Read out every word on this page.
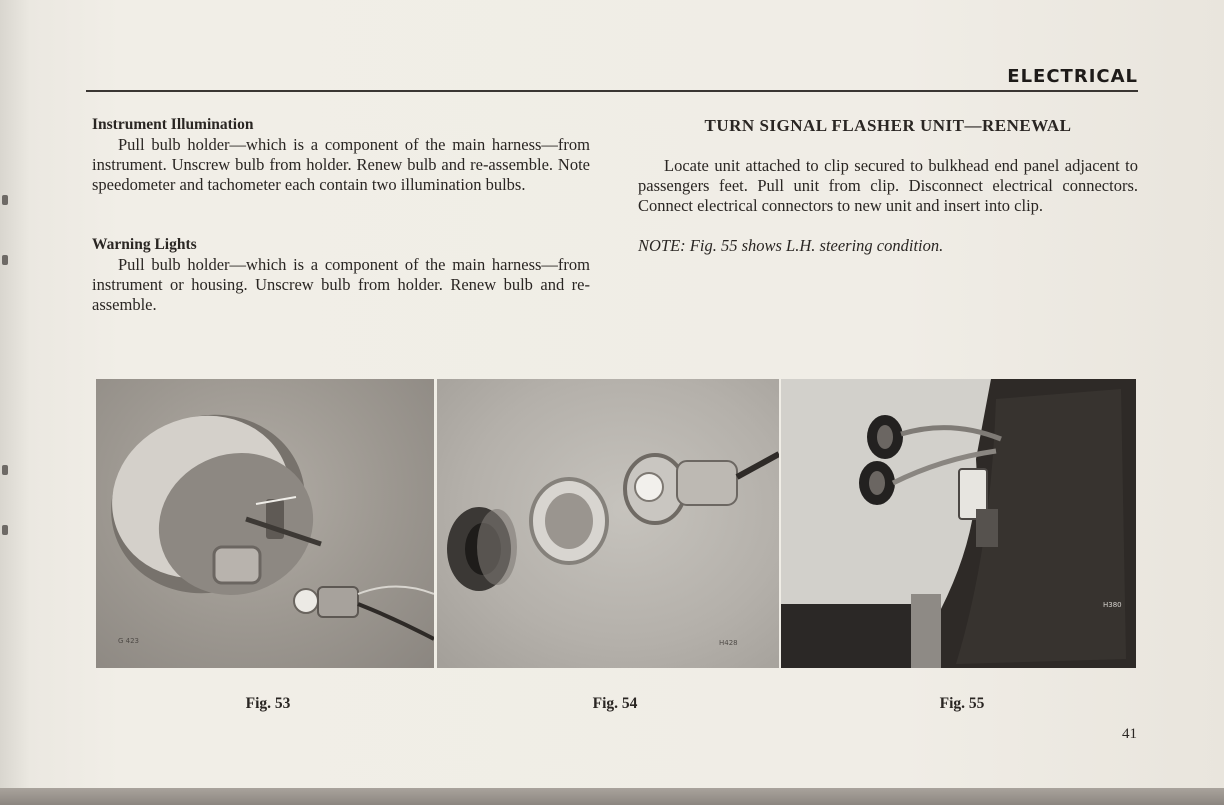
ELECTRICAL

Instrument Illumination

Pull bulb holder—which is a component of the main harness—from instrument. Unscrew bulb from holder. Renew bulb and re-assemble. Note speedometer and tachometer each contain two illumination bulbs.

Warning Lights

Pull bulb holder—which is a component of the main harness—from instrument or housing. Unscrew bulb from holder. Renew bulb and re-assemble.

TURN SIGNAL FLASHER UNIT—RENEWAL

Locate unit attached to clip secured to bulkhead end panel adjacent to passengers feet. Pull unit from clip. Disconnect electrical connectors. Connect electrical connectors to new unit and insert into clip.

NOTE: Fig. 55 shows L.H. steering condition.

G 423	H428
H380
Fig. 53	Fig. 54	Fig. 55
41
